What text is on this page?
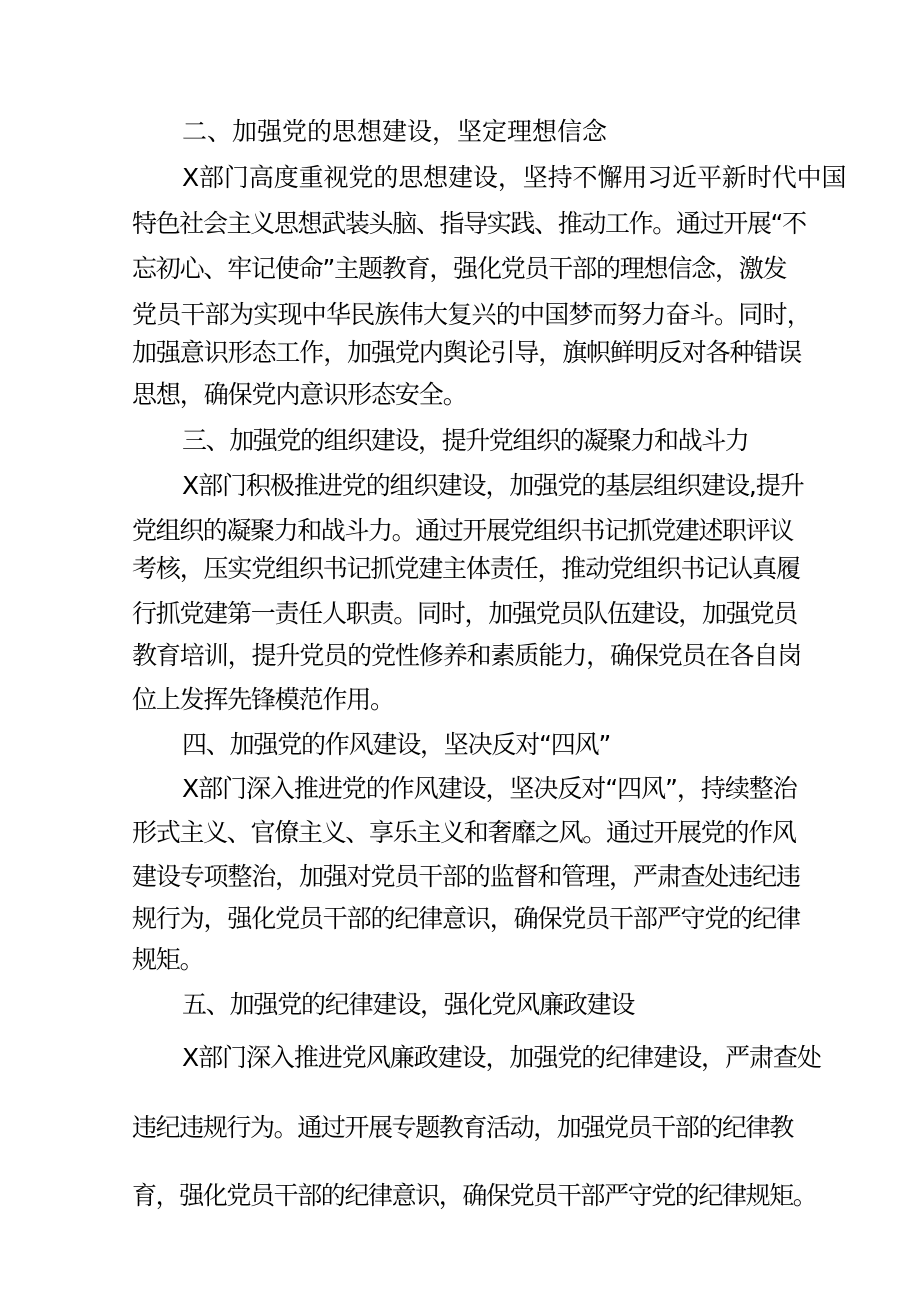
二、加强党的思想建设，坚定理想信念
X部门高度重视党的思想建设，坚持不懈用习近平新时代中国
特色社会主义思想武装头脑、指导实践、推动工作。通过开展“不
忘初心、牢记使命”主题教育，强化党员干部的理想信念，激发
党员干部为实现中华民族伟大复兴的中国梦而努力奋斗。同时，
加强意识形态工作，加强党内舆论引导，旗帜鲜明反对各种错误
思想，确保党内意识形态安全。
三、加强党的组织建设，提升党组织的凝聚力和战斗力
X部门积极推进党的组织建设，加强党的基层组织建设,提升
党组织的凝聚力和战斗力。通过开展党组织书记抓党建述职评议
考核，压实党组织书记抓党建主体责任，推动党组织书记认真履
行抓党建第一责任人职责。同时，加强党员队伍建设，加强党员
教育培训，提升党员的党性修养和素质能力，确保党员在各自岗
位上发挥先锋模范作用。
四、加强党的作风建设，坚决反对“四风”
X部门深入推进党的作风建设，坚决反对“四风”，持续整治
形式主义、官僚主义、享乐主义和奢靡之风。通过开展党的作风
建设专项整治，加强对党员干部的监督和管理，严肃查处违纪违
规行为，强化党员干部的纪律意识，确保党员干部严守党的纪律
规矩。
五、加强党的纪律建设，强化党风廉政建设
X部门深入推进党风廉政建设，加强党的纪律建设，严肃查处
违纪违规行为。通过开展专题教育活动，加强党员干部的纪律教
育，强化党员干部的纪律意识，确保党员干部严守党的纪律规矩。
